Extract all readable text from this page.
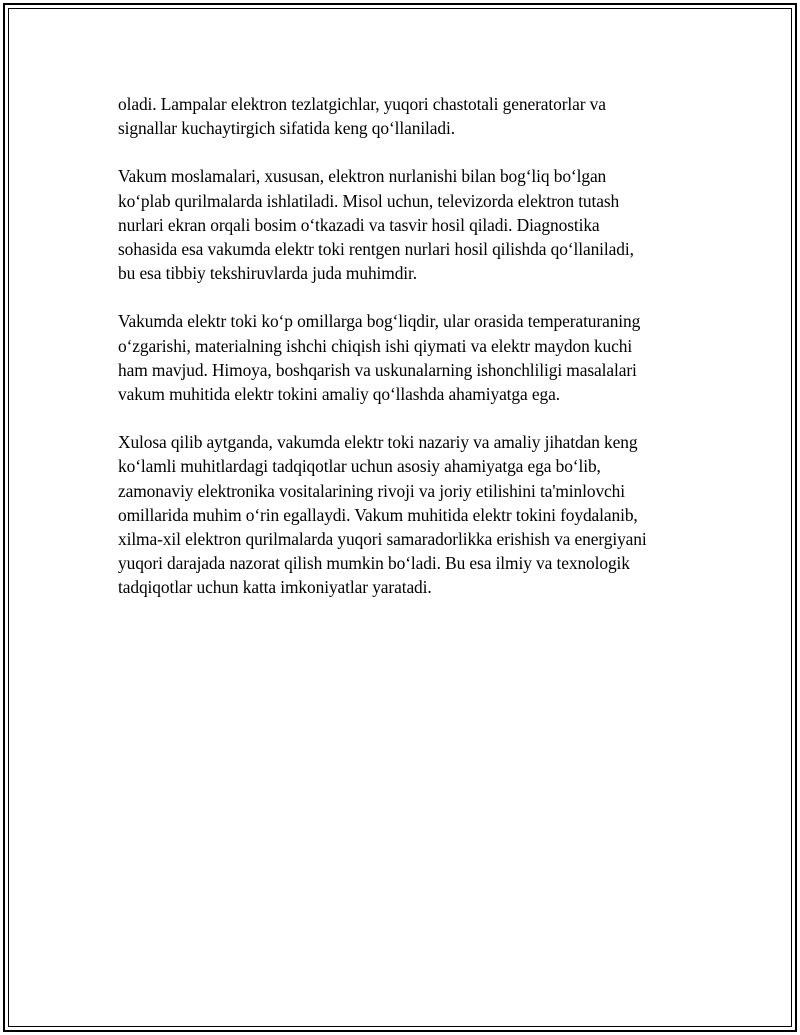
oladi. Lampalar elektron tezlatgichlar, yuqori chastotali generatorlar va
signallar kuchaytirgich sifatida keng qo‘llaniladi.

Vakum moslamalari, xususan, elektron nurlanishi bilan bog‘liq bo‘lgan
ko‘plab qurilmalarda ishlatiladi. Misol uchun, televizorda elektron tutash
nurlari ekran orqali bosim o‘tkazadi va tasvir hosil qiladi. Diagnostika
sohasida esa vakumda elektr toki rentgen nurlari hosil qilishda qo‘llaniladi,
bu esa tibbiy tekshiruvlarda juda muhimdir.

Vakumda elektr toki ko‘p omillarga bog‘liqdir, ular orasida temperaturaning
o‘zgarishi, materialning ishchi chiqish ishi qiymati va elektr maydon kuchi
ham mavjud. Himoya, boshqarish va uskunalarning ishonchliligi masalalari
vakum muhitida elektr tokini amaliy qo‘llashda ahamiyatga ega.

Xulosa qilib aytganda, vakumda elektr toki nazariy va amaliy jihatdan keng
ko‘lamli muhitlardagi tadqiqotlar uchun asosiy ahamiyatga ega bo‘lib,
zamonaviy elektronika vositalarining rivoji va joriy etilishini ta'minlovchi
omillarida muhim o‘rin egallaydi. Vakum muhitida elektr tokini foydalanib,
xilma-xil elektron qurilmalarda yuqori samaradorlikka erishish va energiyani
yuqori darajada nazorat qilish mumkin bo‘ladi. Bu esa ilmiy va texnologik
tadqiqotlar uchun katta imkoniyatlar yaratadi.
